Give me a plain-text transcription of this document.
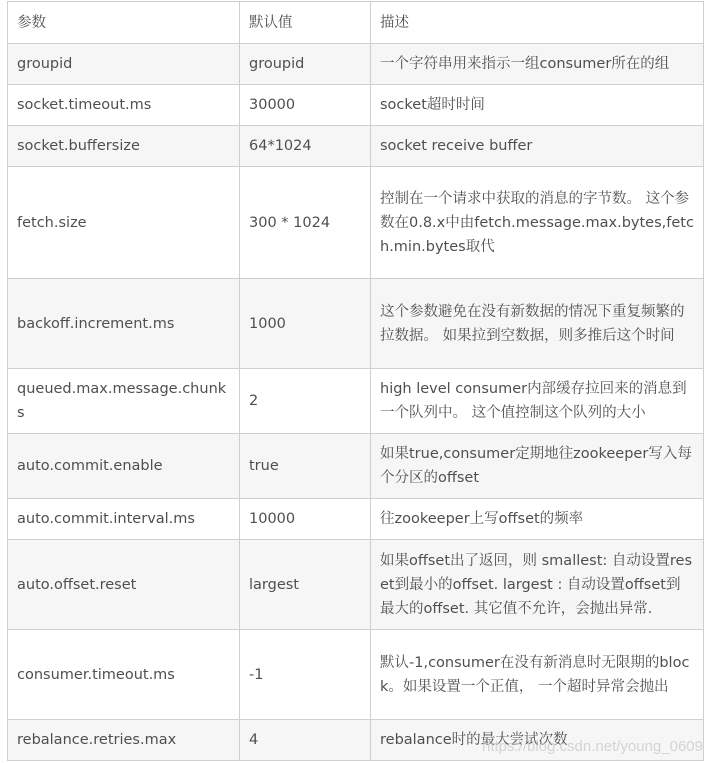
参数	默认值	描述
groupid	groupid	一个字符串用来指示一组consumer所在的组
socket.timeout.ms	30000	socket超时时间
socket.buffersize	64*1024	socket receive buffer
fetch.size	300 * 1024	控制在一个请求中获取的消息的字节数。 这个参数在0.8.x中由fetch.message.max.bytes,fetch.min.bytes取代
backoff.increment.ms	1000	这个参数避免在没有新数据的情况下重复频繁的拉数据。 如果拉到空数据，则多推后这个时间
queued.max.message.chunks	2	high level consumer内部缓存拉回来的消息到一个队列中。 这个值控制这个队列的大小
auto.commit.enable	true	如果true,consumer定期地往zookeeper写入每个分区的offset
auto.commit.interval.ms	10000	往zookeeper上写offset的频率
auto.offset.reset	largest	如果offset出了返回，则 smallest: 自动设置reset到最小的offset. largest : 自动设置offset到最大的offset. 其它值不允许，会抛出异常.
consumer.timeout.ms	-1	默认-1,consumer在没有新消息时无限期的block。如果设置一个正值， 一个超时异常会抛出
rebalance.retries.max	4	rebalance时的最大尝试次数
https://blog.csdn.net/young_0609
